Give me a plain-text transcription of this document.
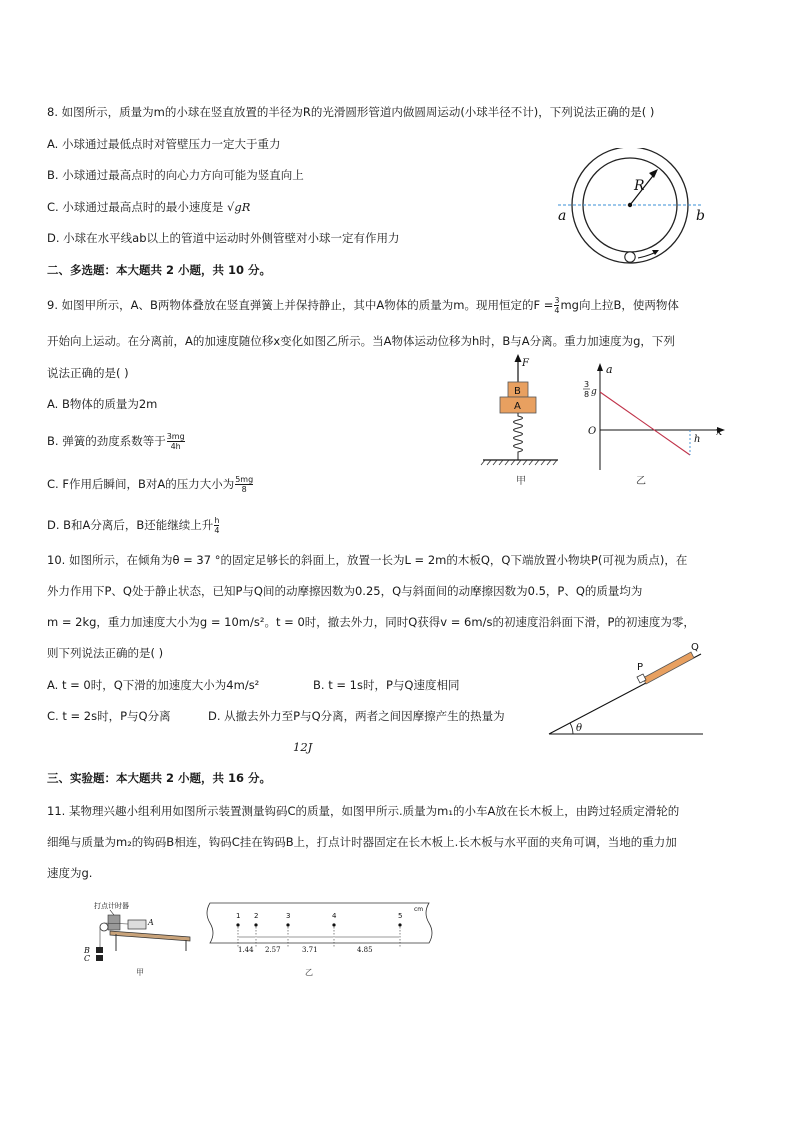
8. 如图所示，质量为m的小球在竖直放置的半径为R的光滑圆形管道内做圆周运动(小球半径不计)，下列说法正确的是( )
A. 小球通过最低点时对管壁压力一定大于重力
B. 小球通过最高点时的向心力方向可能为竖直向上
C. 小球通过最高点时的最小速度是 √gR
D. 小球在水平线ab以上的管道中运动时外侧管壁对小球一定有作用力
R
a	b
二、多选题：本大题共 2 小题，共 10 分。
9. 如图甲所示，A、B两物体叠放在竖直弹簧上并保持静止，其中A物体的质量为m。现用恒定的$F = \frac{3}{4}$ mg向上拉B，使两物体
开始向上运动。在分离前，A的加速度随位移x变化如图乙所示。当A物体运动位移为h时，B与A分离。重力加速度为g，下列
说法正确的是( )
A. B物体的质量为2m
B. 弹簧的劲度系数等于 $\frac{3mg}{4h}$
C. F作用后瞬间，B对A的压力大小为 $\frac{5mg}{8}$
D. B和A分离后，B还能继续上升 $\frac{h}{4}$
F
B
A
甲
a
x
O
h
3
8 g
乙
10. 如图所示，在倾角为θ = 37 °的固定足够长的斜面上，放置一长为L = 2m的木板Q，Q下端放置小物块P(可视为质点)，在
外力作用下P、Q处于静止状态，已知P与Q间的动摩擦因数为0.25，Q与斜面间的动摩擦因数为0.5，P、Q的质量均为
m = 2kg，重力加速度大小为g = 10m/s²。t = 0时，撤去外力，同时Q获得v = 6m/s的初速度沿斜面下滑，P的初速度为零，
则下列说法正确的是( )
A. t = 0时，Q下滑的加速度大小为4m/s²	B. t = 1s时，P与Q速度相同
C. t = 2s时，P与Q分离	D. 从撤去外力至P与Q分离，两者之间因摩擦产生的热量为
12J
θ
P
Q
三、实验题：本大题共 2 小题，共 16 分。
11. 某物理兴趣小组利用如图所示装置测量钩码C的质量，如图甲所示.质量为m₁的小车A放在长木板上，由跨过轻质定滑轮的
细绳与质量为m₂的钩码B相连，钩码C挂在钩码B上，打点计时器固定在长木板上.长木板与水平面的夹角可调，当地的重力加
速度为g.
打点计时器
A
B
C
甲
cm
1 2	3	4	5
1.44 2.57	3.71	4.85
乙
